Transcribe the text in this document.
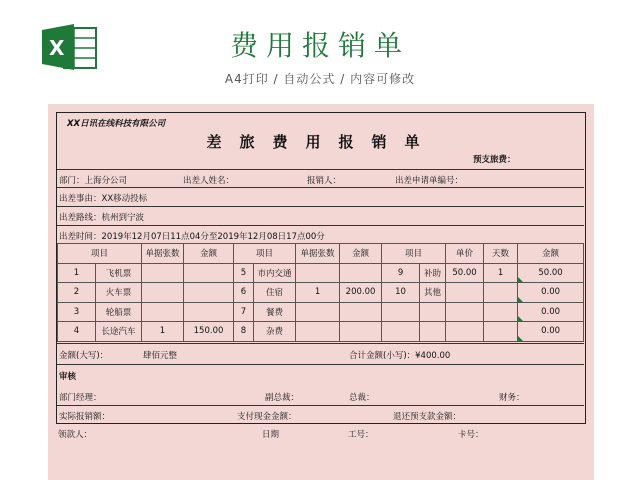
X	费用报销单
A4打印 / 自动公式 / 内容可修改
XX日讯在线科技有限公司
差旅费用报销单
预支旅费：
部门：上海分公司	出差人姓名：	报销人：	出差申请单编号：
出差事由：XX移动投标
出差路线：杭州到宁波
出差时间：2019年12月07日11点04分至2019年12月08日17点00分
项目		单据张数	金额	项目		单据张数	金额	项目		单价	天数	金额
1	飞机票			5	市内交通			9	补助	50.00	1	50.00
2	火车票			6	住宿	1	200.00	10	其他			0.00
3	轮船票			7	餐费							0.00
4	长途汽车	1	150.00	8	杂费							0.00
金额(大写)：	肆佰元整	合计金额(小写)：¥400.00
审核
部门经理：	副总裁：	总裁：	财务：
实际报销额：	支付现金金额：	退还预支款金额：
领款人：	日期	工号：	卡号：
